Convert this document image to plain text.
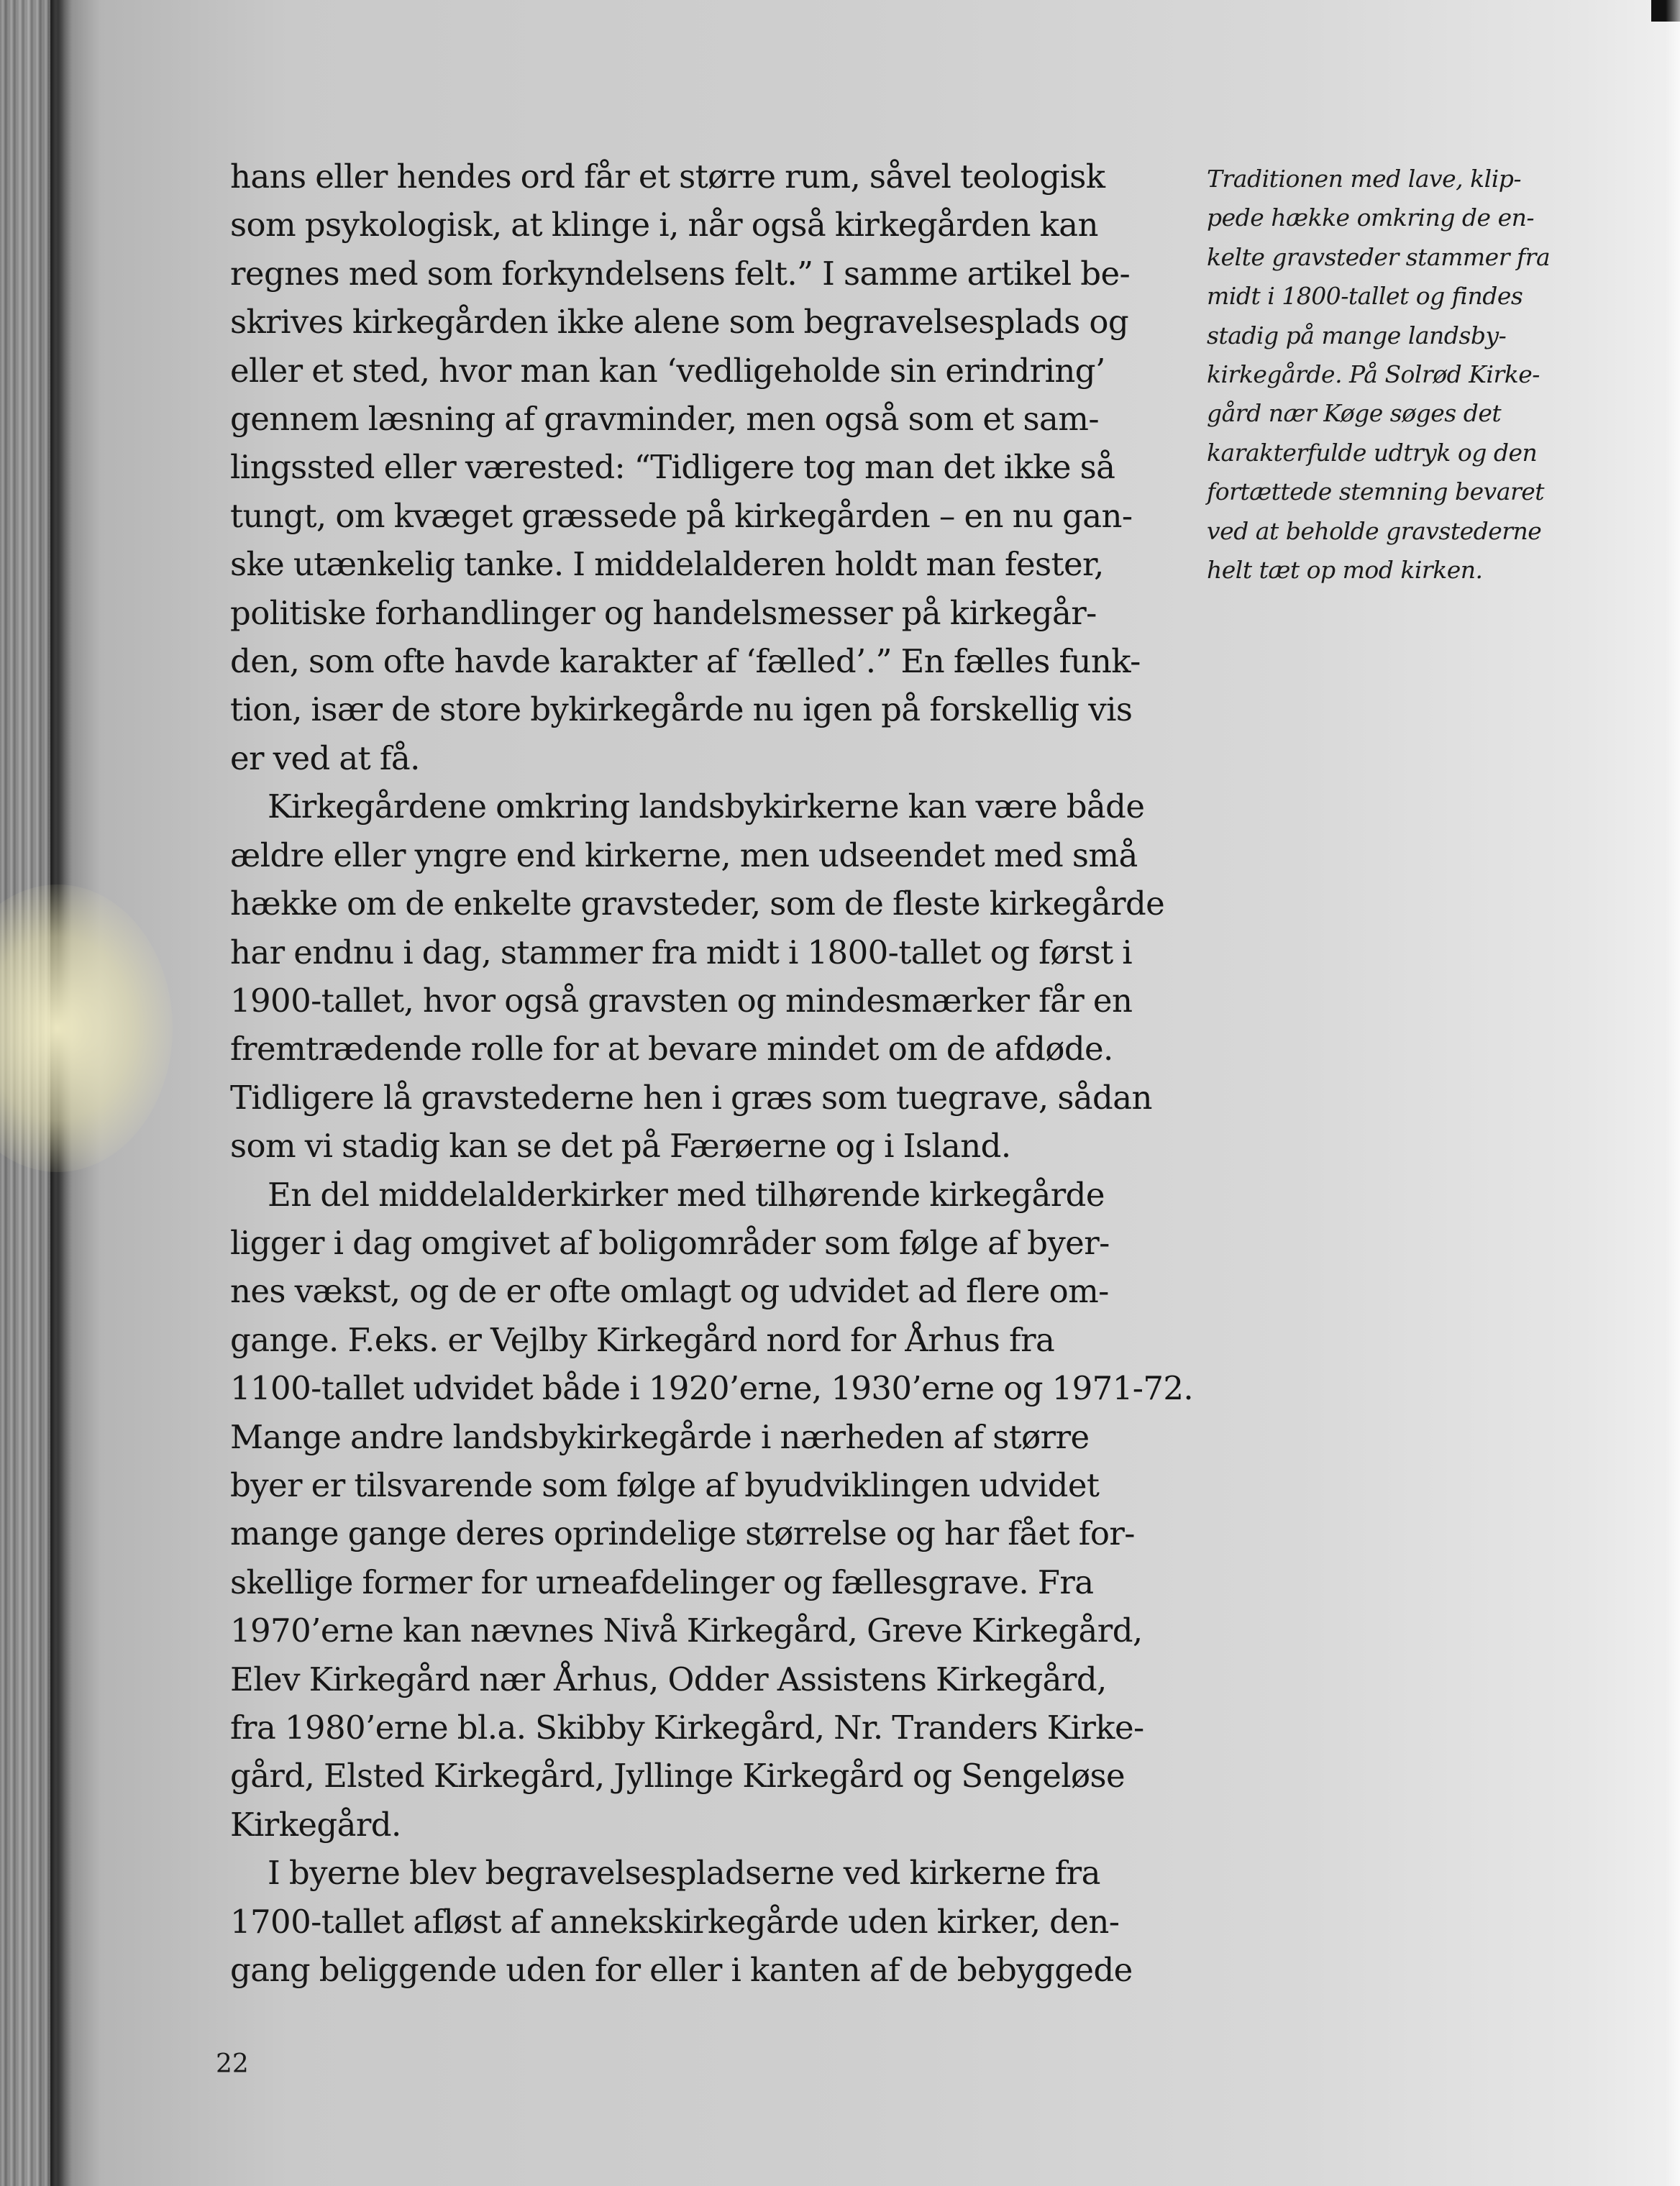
hans eller hendes ord får et større rum, såvel teologisk
som psykologisk, at klinge i, når også kirkegården kan
regnes med som forkyndelsens felt.” I samme artikel be-
skrives kirkegården ikke alene som begravelsesplads og
eller et sted, hvor man kan ‘vedligeholde sin erindring’
gennem læsning af gravminder, men også som et sam-
lingssted eller værested: “Tidligere tog man det ikke så
tungt, om kvæget græssede på kirkegården – en nu gan-
ske utænkelig tanke. I middelalderen holdt man fester,
politiske forhandlinger og handelsmesser på kirkegår-
den, som ofte havde karakter af ‘fælled’.” En fælles funk-
tion, især de store bykirkegårde nu igen på forskellig vis
er ved at få.
Kirkegårdene omkring landsbykirkerne kan være både
ældre eller yngre end kirkerne, men udseendet med små
hække om de enkelte gravsteder, som de fleste kirkegårde
har endnu i dag, stammer fra midt i 1800-tallet og først i
1900-tallet, hvor også gravsten og mindesmærker får en
fremtrædende rolle for at bevare mindet om de afdøde.
Tidligere lå gravstederne hen i græs som tuegrave, sådan
som vi stadig kan se det på Færøerne og i Island.
En del middelalderkirker med tilhørende kirkegårde
ligger i dag omgivet af boligområder som følge af byer-
nes vækst, og de er ofte omlagt og udvidet ad flere om-
gange. F.eks. er Vejlby Kirkegård nord for Århus fra
1100-tallet udvidet både i 1920’erne, 1930’erne og 1971-72.
Mange andre landsbykirkegårde i nærheden af større
byer er tilsvarende som følge af byudviklingen udvidet
mange gange deres oprindelige størrelse og har fået for-
skellige former for urneafdelinger og fællesgrave. Fra
1970’erne kan nævnes Nivå Kirkegård, Greve Kirkegård,
Elev Kirkegård nær Århus, Odder Assistens Kirkegård,
fra 1980’erne bl.a. Skibby Kirkegård, Nr. Tranders Kirke-
gård, Elsted Kirkegård, Jyllinge Kirkegård og Sengeløse
Kirkegård.
I byerne blev begravelsespladserne ved kirkerne fra
1700-tallet afløst af annekskirkegårde uden kirker, den-
gang beliggende uden for eller i kanten af de bebyggede
Traditionen med lave, klip-
pede hække omkring de en-
kelte gravsteder stammer fra
midt i 1800-tallet og findes
stadig på mange landsby-
kirkegårde. På Solrød Kirke-
gård nær Køge søges det
karakterfulde udtryk og den
fortættede stemning bevaret
ved at beholde gravstederne
helt tæt op mod kirken.
22
